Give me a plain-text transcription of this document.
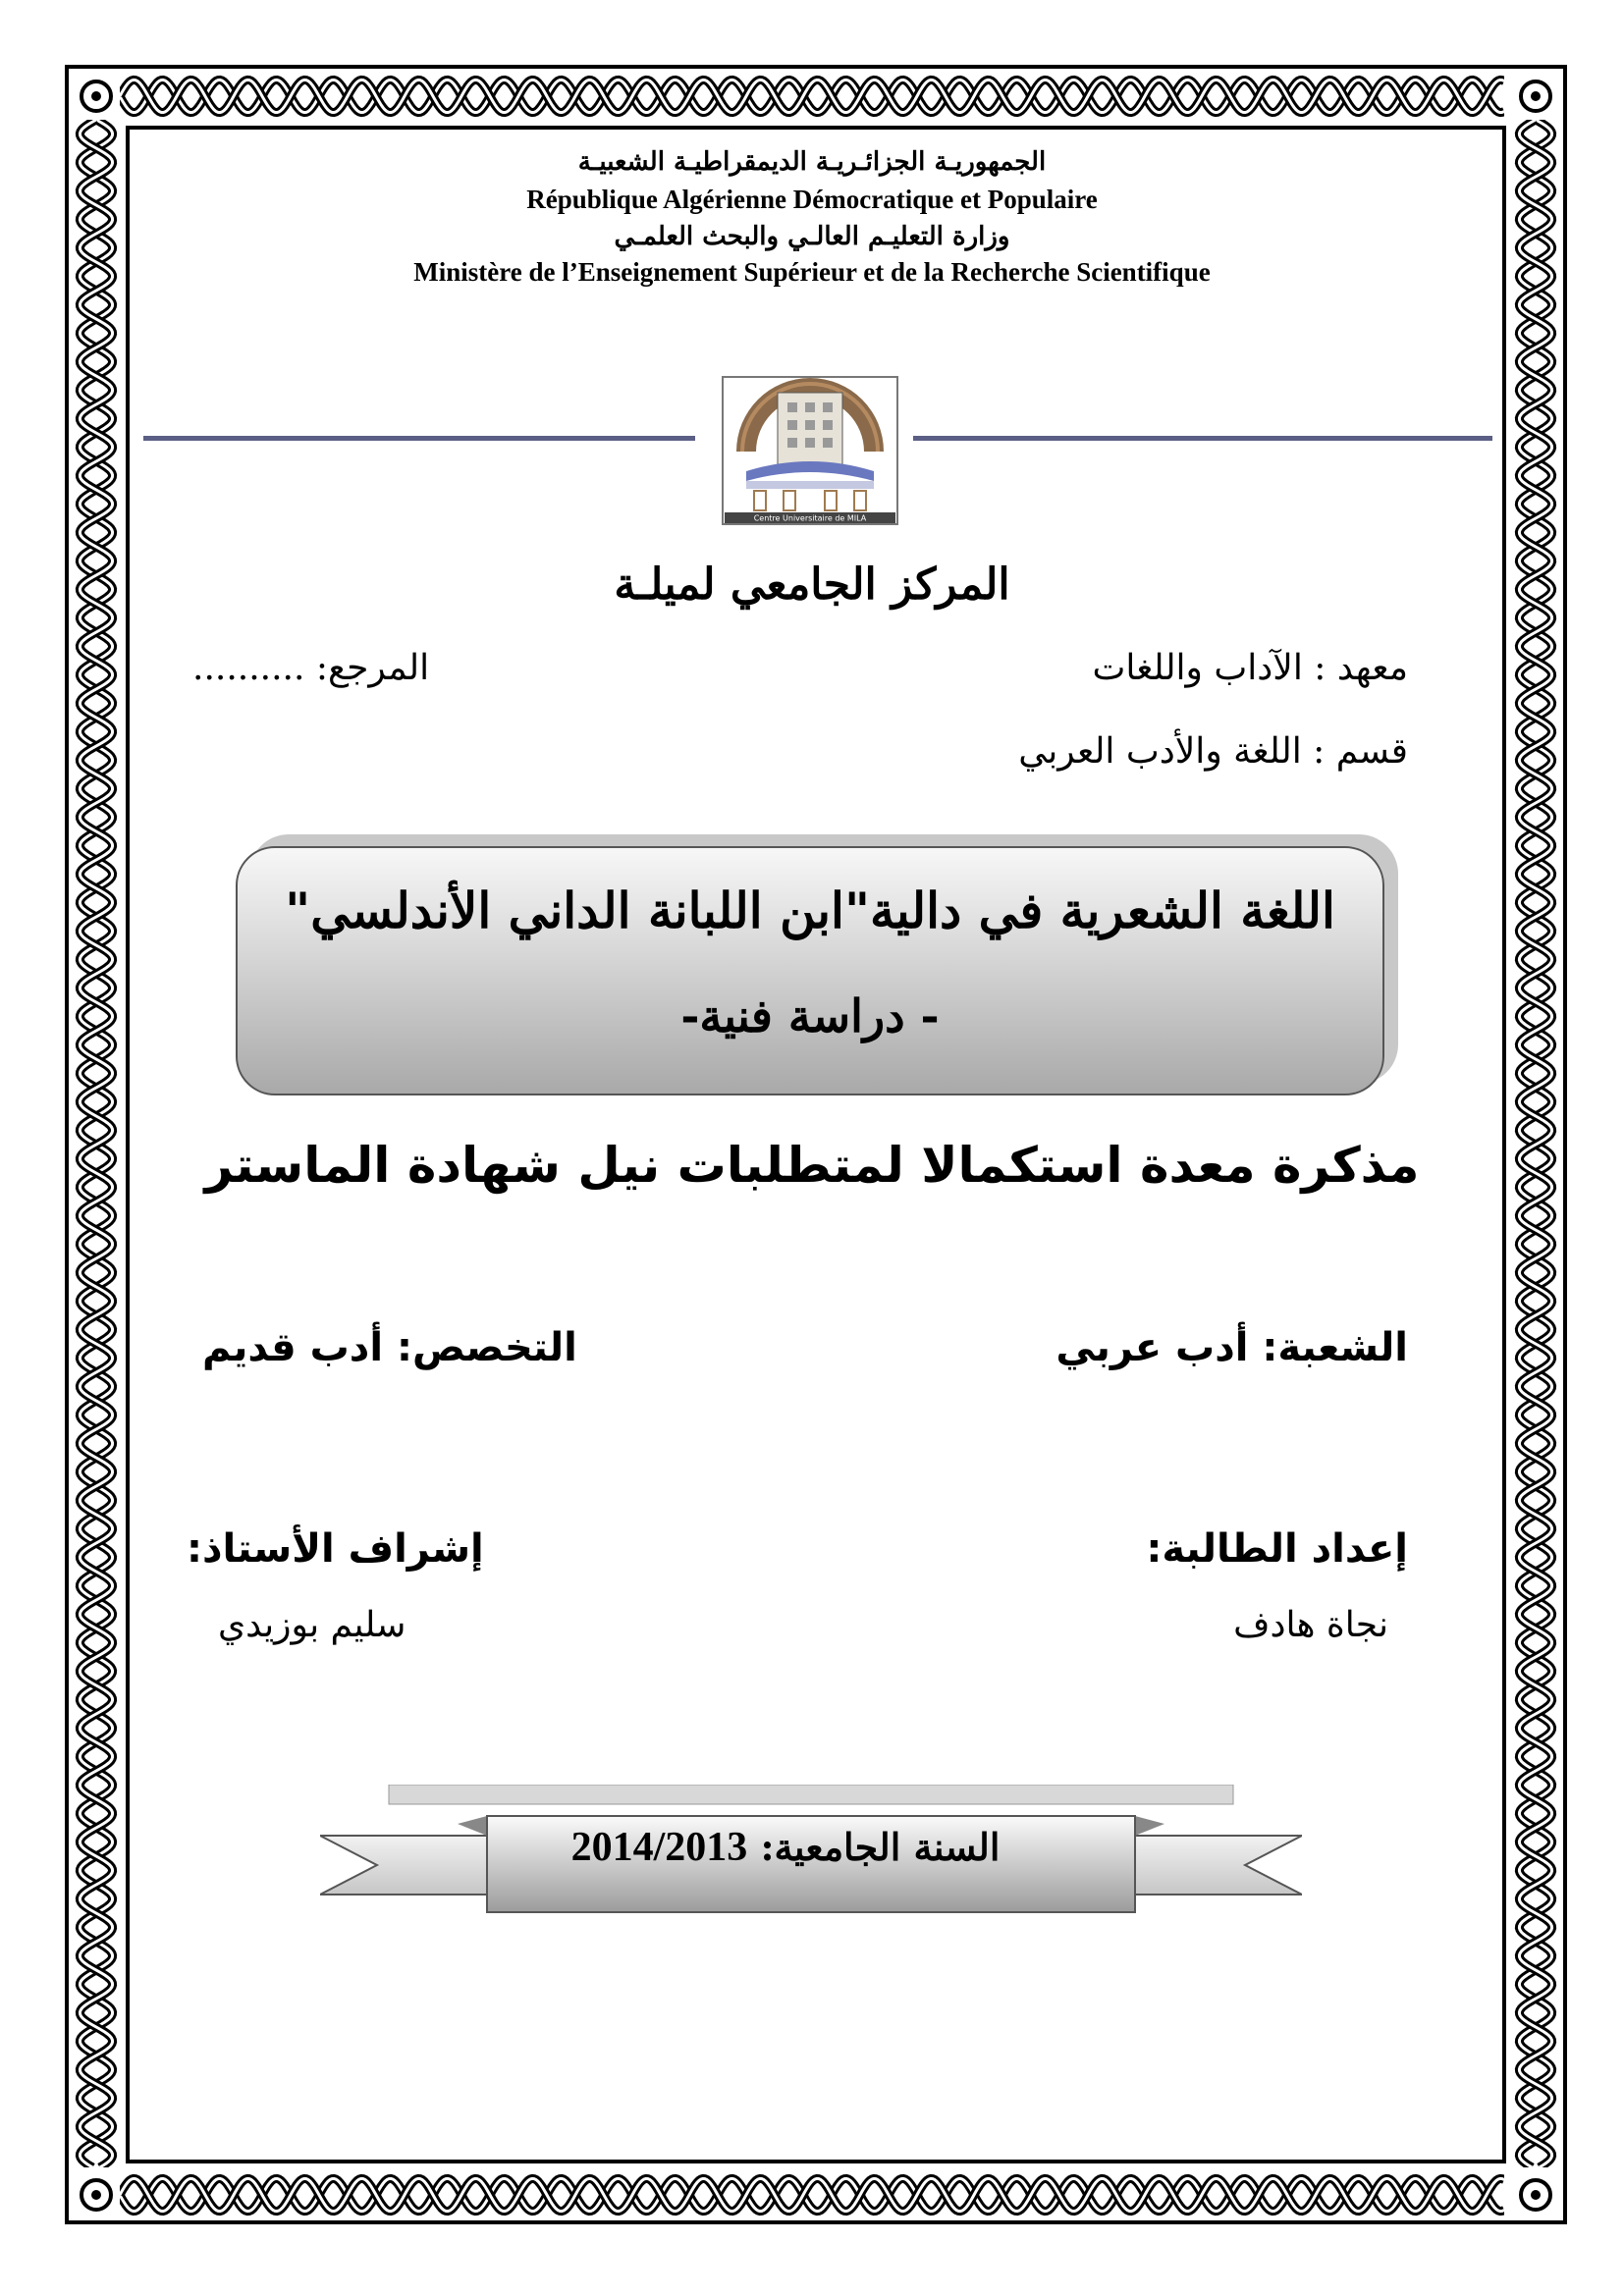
الجمهوريـة الجزائـريـة الديمقراطيـة الشعبيـة
République Algérienne Démocratique et Populaire
وزارة التعليـم العالـي والبحث العلمـي
Ministère de l’Enseignement Supérieur et de la Recherche Scientifique
Centre Universitaire de MILA
المركز الجامعي لميلـة
معهد : الآداب واللغات
المرجع: ..........
قسم : اللغة والأدب العربي
اللغة الشعرية في دالية"ابن اللبانة الداني الأندلسي"
- دراسة فنية-
مذكرة معدة استكمالا لمتطلبات نيل شهادة الماستر
الشعبة: أدب عربي
التخصص: أدب قديم
إعداد الطالبة:
نجاة هادف
إشراف الأستاذ:
سليم بوزيدي
السنة الجامعية: 2014/2013
